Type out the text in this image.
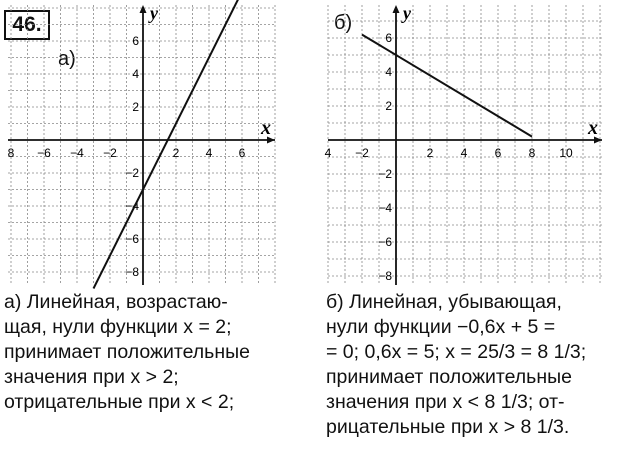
46.
а)
б)
x
y
8 −6 −4 −2	2 4 6
6
4
2
−2
−4
−6
−8
x
y
4 −2	2 4 6 8 10
6
4
2
−2
−4
−6
−8
а) Линейная, возрастаю-
щая, нули функции x = 2;
принимает положительные
значения при x > 2;
отрицательные при x < 2;
б) Линейная, убывающая,
нули функции −0,6x + 5 =
= 0; 0,6x = 5; x = 25/3 = 8 1/3;
принимает положительные
значения при x < 8 1/3; от-
рицательные при x > 8 1/3.
